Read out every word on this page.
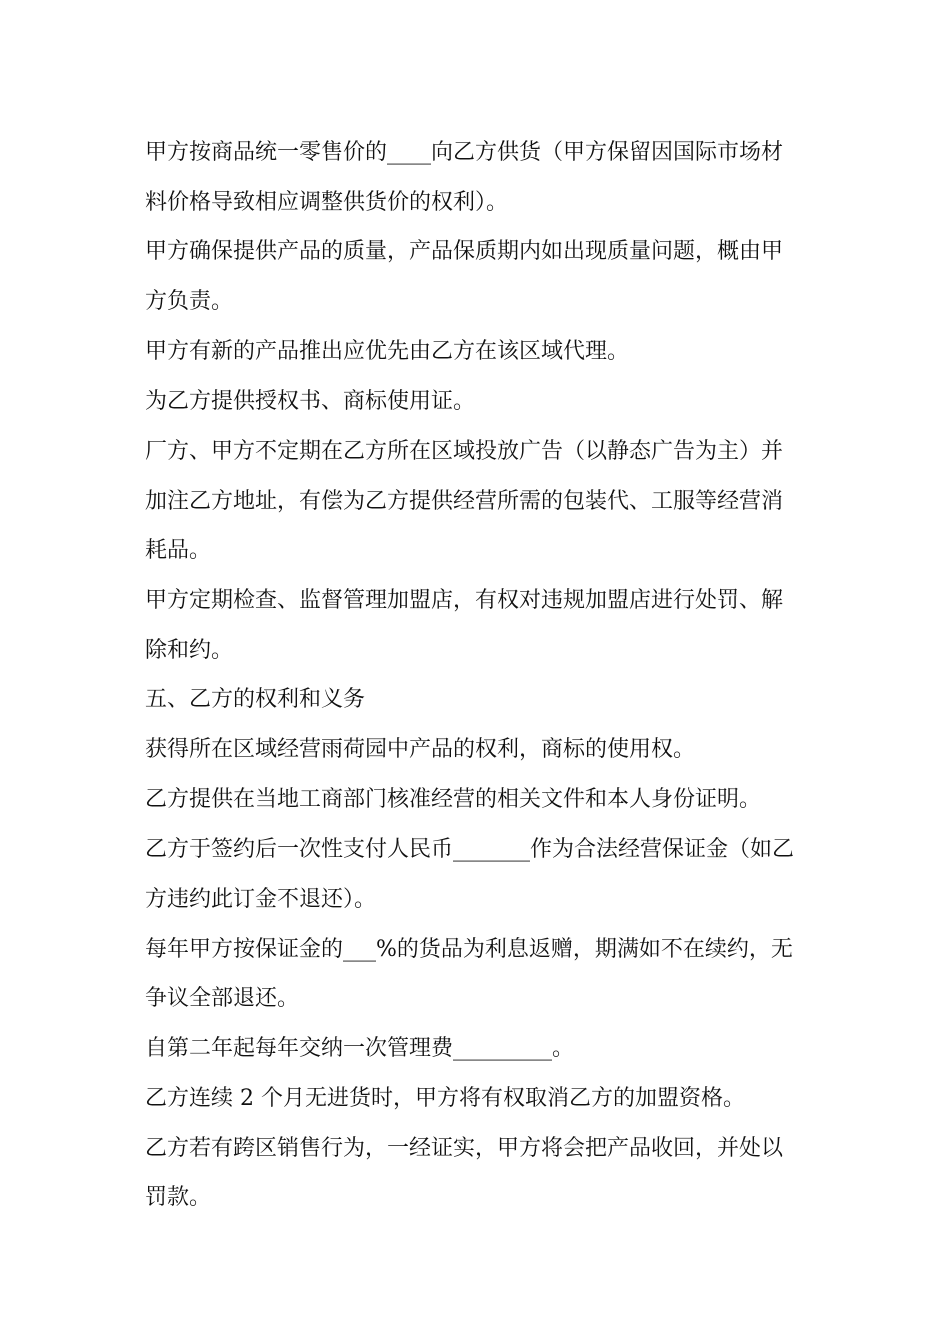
甲方按商品统一零售价的____向乙方供货（甲方保留因国际市场材
料价格导致相应调整供货价的权利）。
甲方确保提供产品的质量，产品保质期内如出现质量问题，概由甲
方负责。
甲方有新的产品推出应优先由乙方在该区域代理。
为乙方提供授权书、商标使用证。
厂方、甲方不定期在乙方所在区域投放广告（以静态广告为主）并
加注乙方地址，有偿为乙方提供经营所需的包装代、工服等经营消
耗品。
甲方定期检查、监督管理加盟店，有权对违规加盟店进行处罚、解
除和约。
五、乙方的权利和义务
获得所在区域经营雨荷园中产品的权利，商标的使用权。
乙方提供在当地工商部门核准经营的相关文件和本人身份证明。
乙方于签约后一次性支付人民币_______作为合法经营保证金（如乙
方违约此订金不退还）。
每年甲方按保证金的___%的货品为利息返赠，期满如不在续约，无
争议全部退还。
自第二年起每年交纳一次管理费_________。
乙方连续 2 个月无进货时，甲方将有权取消乙方的加盟资格。
乙方若有跨区销售行为，一经证实，甲方将会把产品收回，并处以
罚款。
